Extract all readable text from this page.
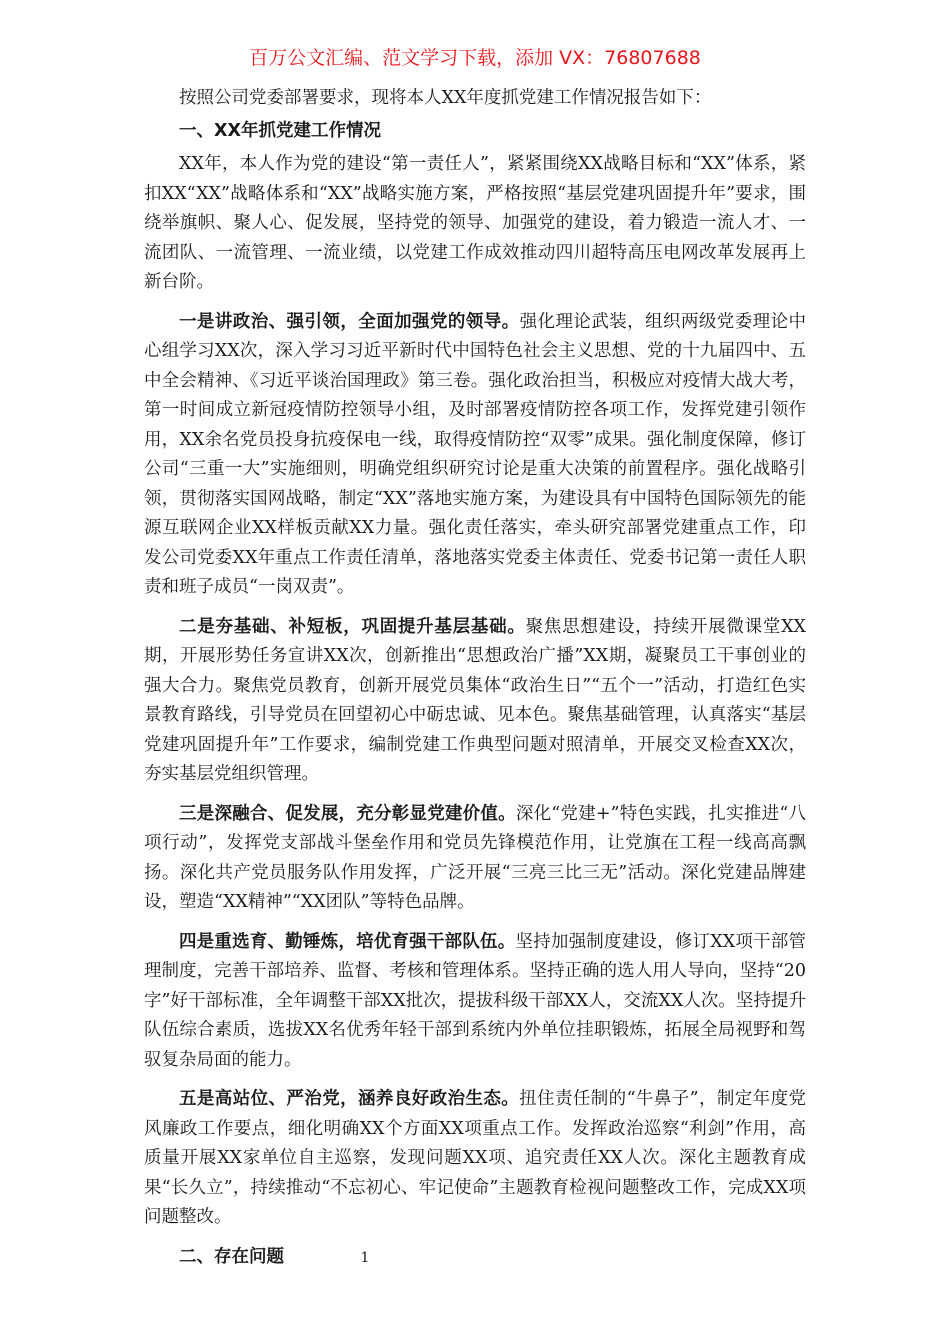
百万公文汇编、范文学习下载，添加 VX：76807688

按照公司党委部署要求，现将本人XX年度抓党建工作情况报告如下：

一、XX年抓党建工作情况

XX年，本人作为党的建设“第一责任人”，紧紧围绕XX战略目标和“XX”体系，紧扣XX“XX”战略体系和“XX”战略实施方案，严格按照“基层党建巩固提升年”要求，围绕举旗帜、聚人心、促发展，坚持党的领导、加强党的建设，着力锻造一流人才、一流团队、一流管理、一流业绩，以党建工作成效推动四川超特高压电网改革发展再上新台阶。

一是讲政治、强引领，全面加强党的领导。强化理论武装，组织两级党委理论中心组学习XX次，深入学习习近平新时代中国特色社会主义思想、党的十九届四中、五中全会精神、《习近平谈治国理政》第三卷。强化政治担当，积极应对疫情大战大考，第一时间成立新冠疫情防控领导小组，及时部署疫情防控各项工作，发挥党建引领作用，XX余名党员投身抗疫保电一线，取得疫情防控“双零”成果。强化制度保障，修订公司“三重一大”实施细则，明确党组织研究讨论是重大决策的前置程序。强化战略引领，贯彻落实国网战略，制定“XX”落地实施方案，为建设具有中国特色国际领先的能源互联网企业XX样板贡献XX力量。强化责任落实，牵头研究部署党建重点工作，印发公司党委XX年重点工作责任清单，落地落实党委主体责任、党委书记第一责任人职责和班子成员“一岗双责”。

二是夯基础、补短板，巩固提升基层基础。聚焦思想建设，持续开展微课堂XX期，开展形势任务宣讲XX次，创新推出“思想政治广播”XX期，凝聚员工干事创业的强大合力。聚焦党员教育，创新开展党员集体“政治生日”“五个一”活动，打造红色实景教育路线，引导党员在回望初心中砺忠诚、见本色。聚焦基础管理，认真落实“基层党建巩固提升年”工作要求，编制党建工作典型问题对照清单，开展交叉检查XX次，夯实基层党组织管理。

三是深融合、促发展，充分彰显党建价值。深化“党建+”特色实践，扎实推进“八项行动”，发挥党支部战斗堡垒作用和党员先锋模范作用，让党旗在工程一线高高飘扬。深化共产党员服务队作用发挥，广泛开展“三亮三比三无”活动。深化党建品牌建设，塑造“XX精神”“XX团队”等特色品牌。

四是重选育、勤锤炼，培优育强干部队伍。坚持加强制度建设，修订XX项干部管理制度，完善干部培养、监督、考核和管理体系。坚持正确的选人用人导向，坚持“20字”好干部标准，全年调整干部XX批次，提拔科级干部XX人，交流XX人次。坚持提升队伍综合素质，选拔XX名优秀年轻干部到系统内外单位挂职锻炼，拓展全局视野和驾驭复杂局面的能力。

五是高站位、严治党，涵养良好政治生态。扭住责任制的“牛鼻子”，制定年度党风廉政工作要点，细化明确XX个方面XX项重点工作。发挥政治巡察“利剑”作用，高质量开展XX家单位自主巡察，发现问题XX项、追究责任XX人次。深化主题教育成果“长久立”，持续推动“不忘初心、牢记使命”主题教育检视问题整改工作，完成XX项问题整改。

二、存在问题	1
